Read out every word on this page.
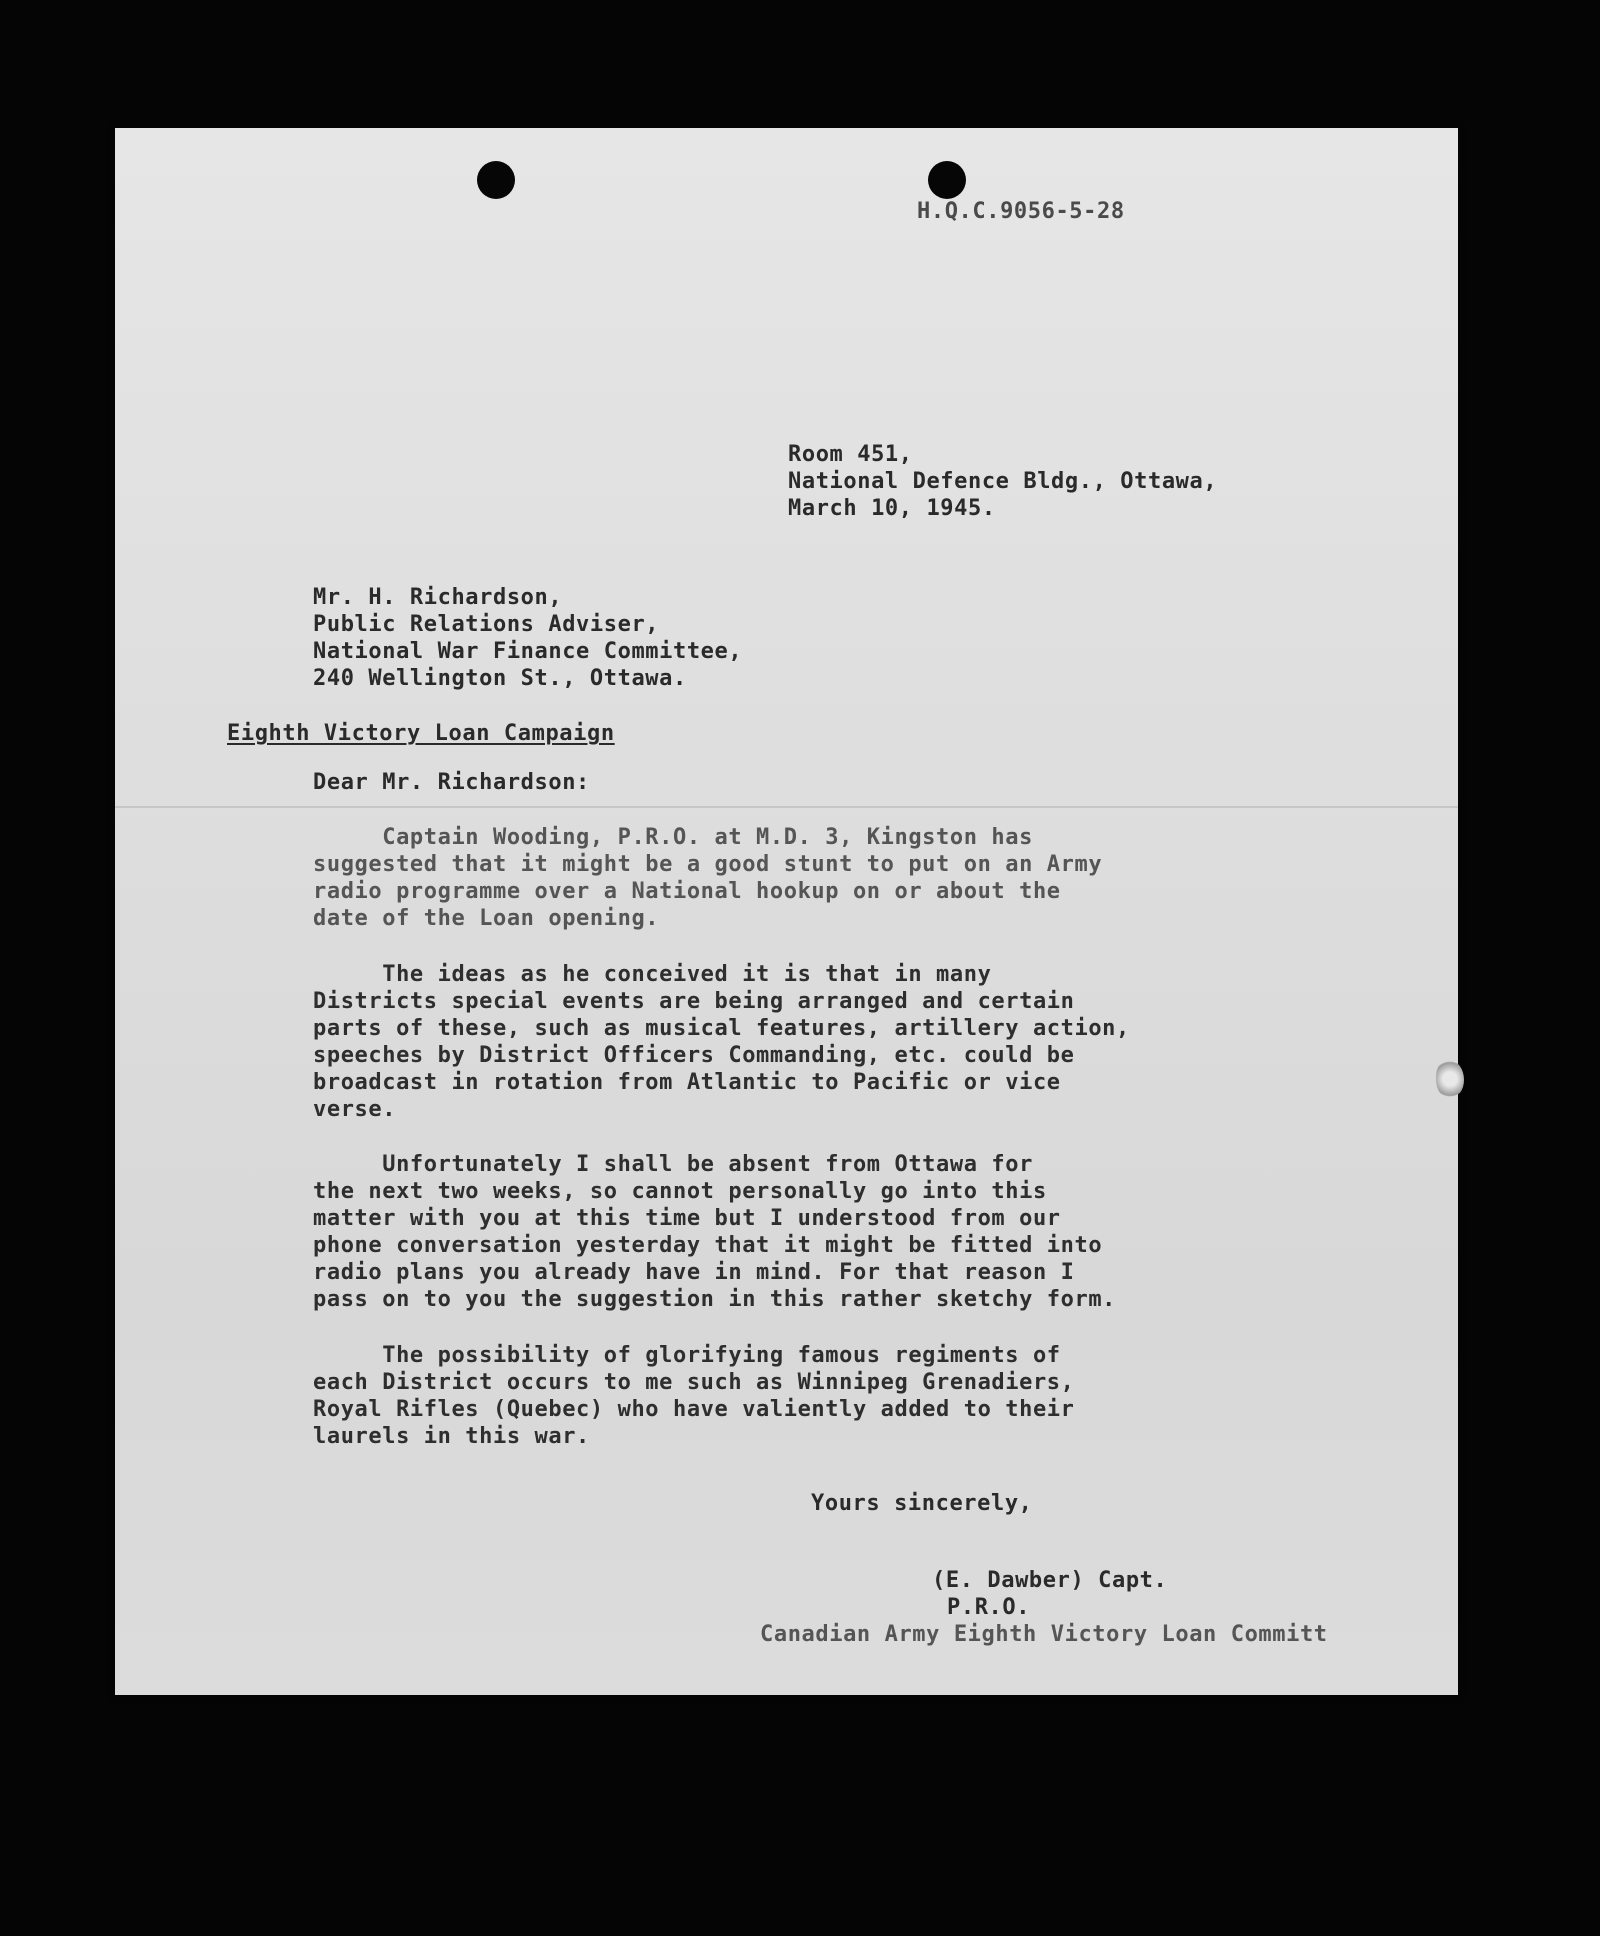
H.Q.C.9056-5-28

Room 451,

National Defence Bldg., Ottawa,

March 10, 1945.

Mr. H. Richardson,

Public Relations Adviser,

National War Finance Committee,

240 Wellington St., Ottawa.

Eighth Victory Loan Campaign

Dear Mr. Richardson:

Captain Wooding, P.R.O. at M.D. 3, Kingston has
suggested that it might be a good stunt to put on an Army
radio programme over a National hookup on or about the
date of the Loan opening.
The ideas as he conceived it is that in many
Districts special events are being arranged and certain
parts of these, such as musical features, artillery action,
speeches by District Officers Commanding, etc. could be
broadcast in rotation from Atlantic to Pacific or vice
verse.
Unfortunately I shall be absent from Ottawa for
the next two weeks, so cannot personally go into this
matter with you at this time but I understood from our
phone conversation yesterday that it might be fitted into
radio plans you already have in mind. For that reason I
pass on to you the suggestion in this rather sketchy form.
The possibility of glorifying famous regiments of
each District occurs to me such as Winnipeg Grenadiers,
Royal Rifles (Quebec) who have valiently added to their
laurels in this war.

Yours sincerely,

(E. Dawber) Capt.

P.R.O.

Canadian Army Eighth Victory Loan Committ
